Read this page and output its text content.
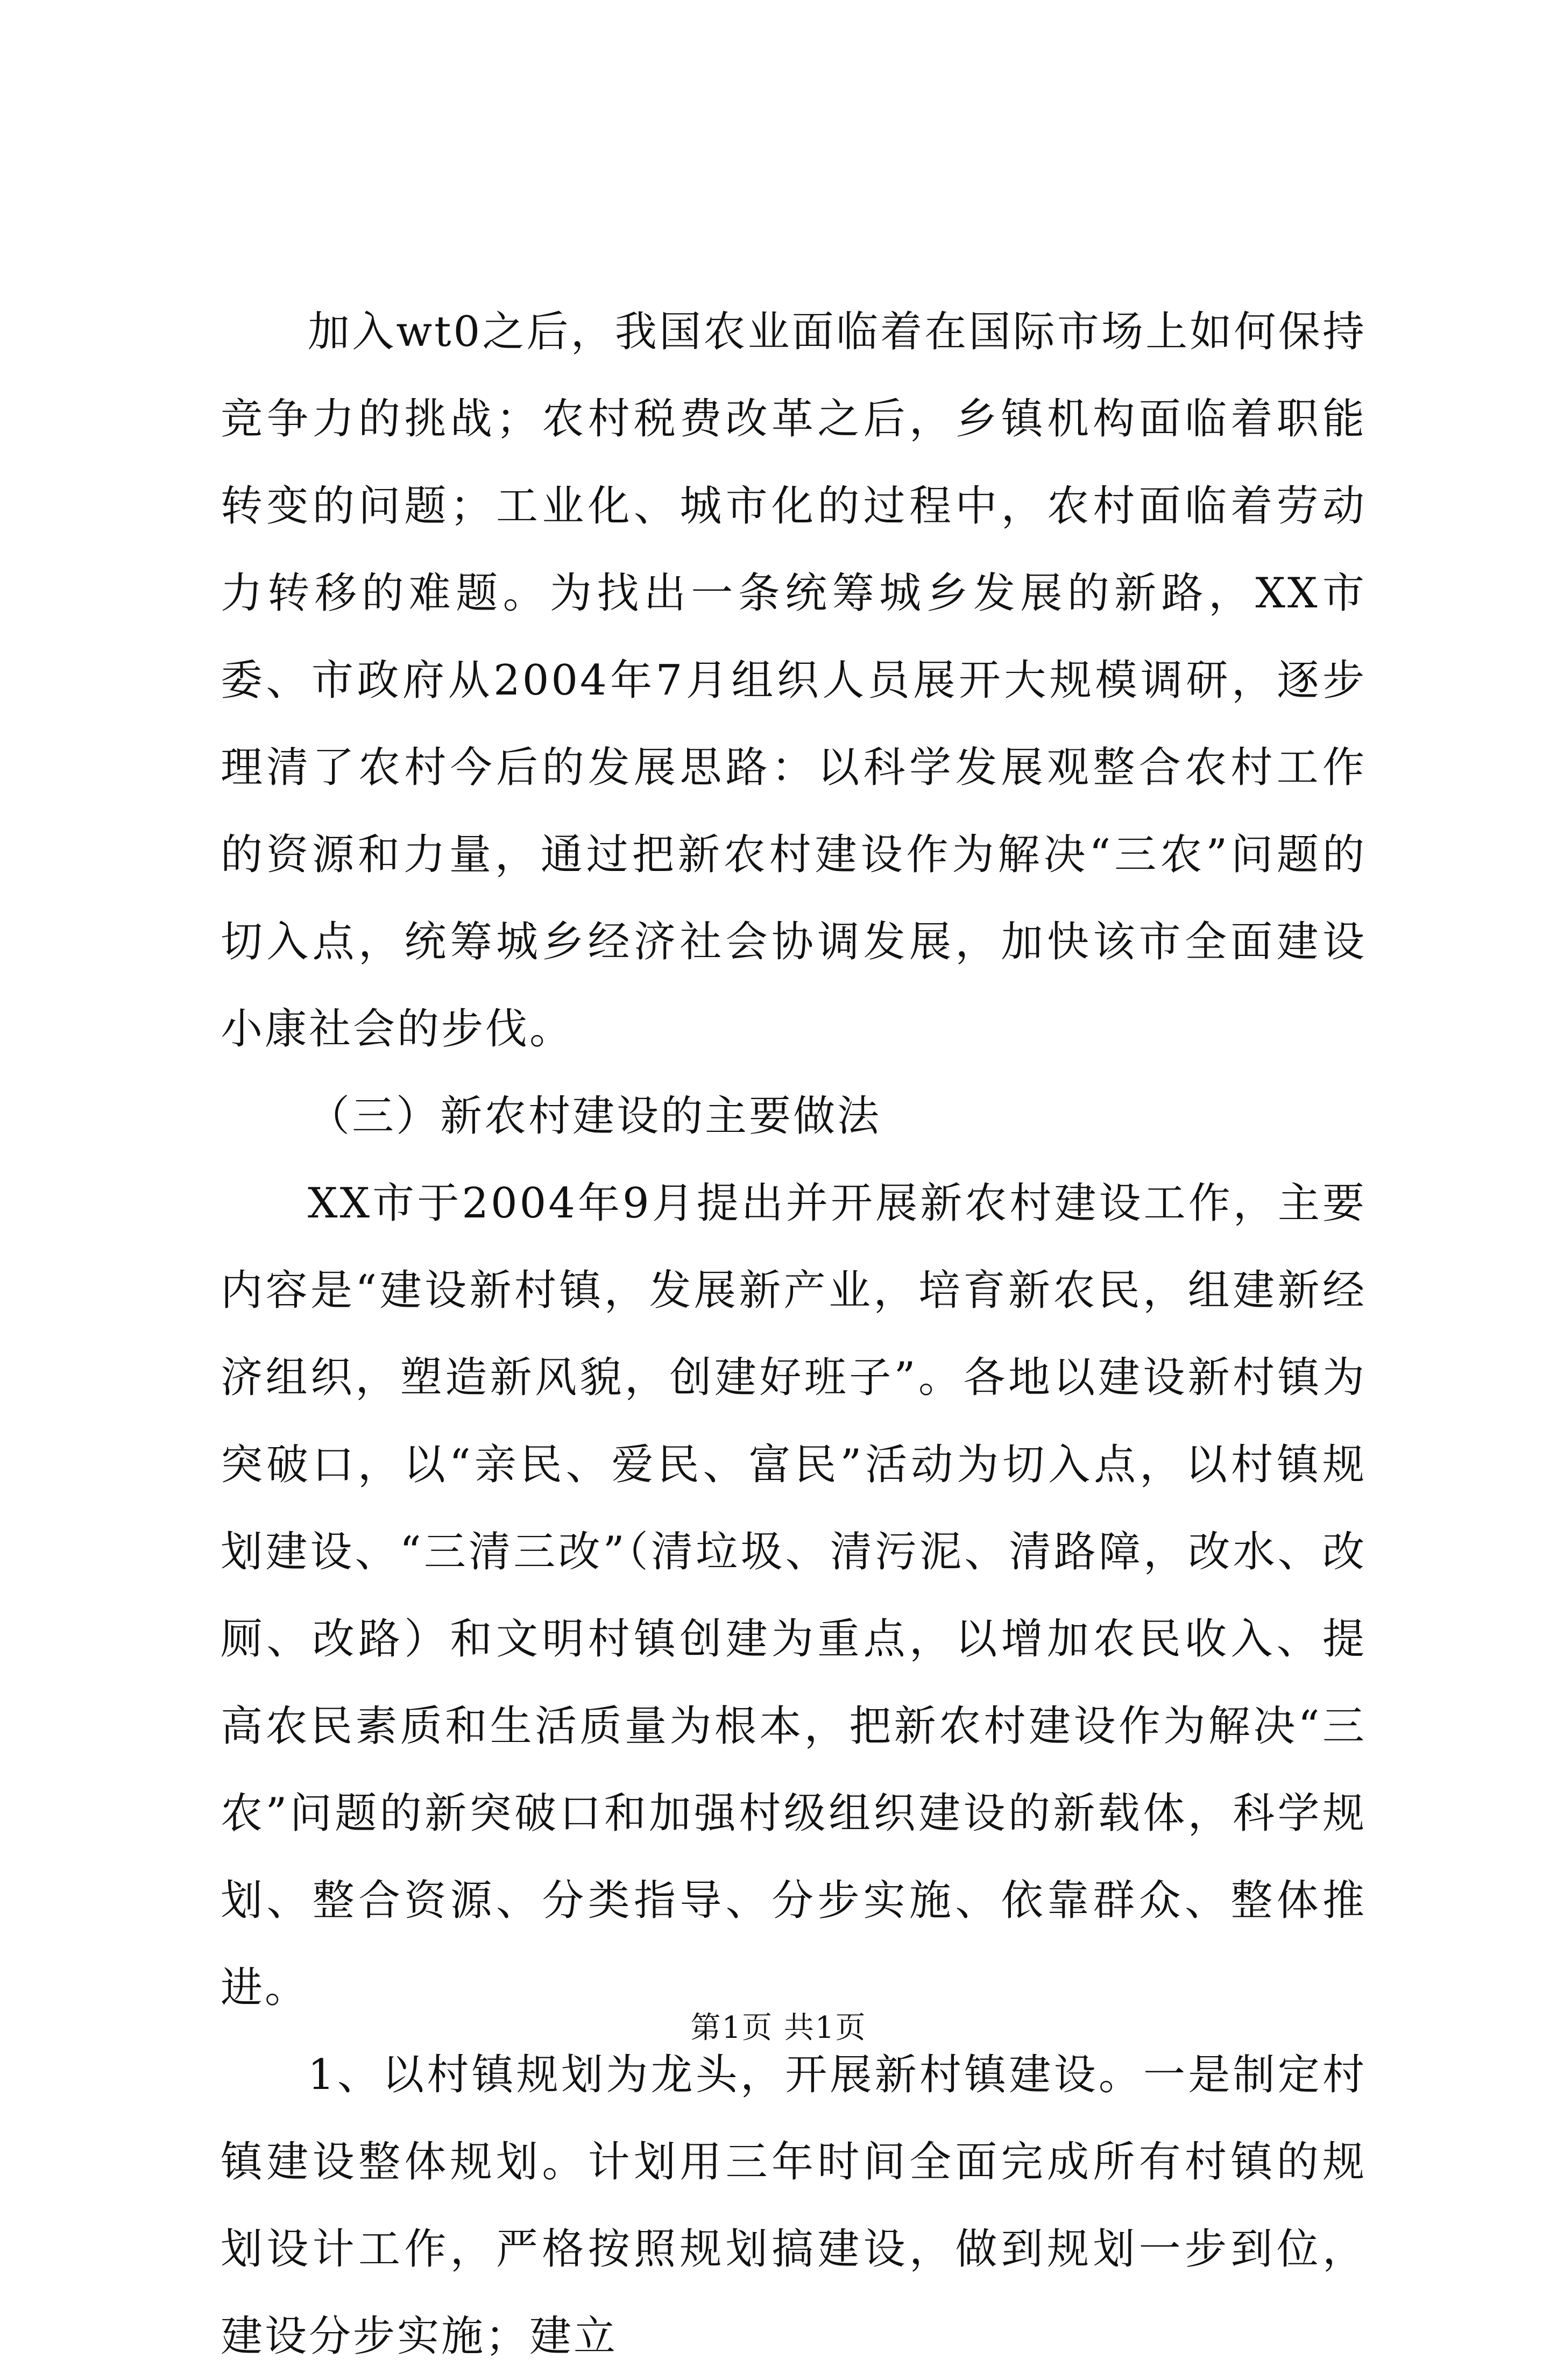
加入wt0之后，我国农业面临着在国际市场上如何保持竞争力的挑战；农村税费改革之后，乡镇机构面临着职能转变的问题；工业化、城市化的过程中，农村面临着劳动力转移的难题。为找出一条统筹城乡发展的新路，XX市委、市政府从2004年7月组织人员展开大规模调研，逐步理清了农村今后的发展思路：以科学发展观整合农村工作的资源和力量，通过把新农村建设作为解决“三农”问题的切入点，统筹城乡经济社会协调发展，加快该市全面建设小康社会的步伐。

（三）新农村建设的主要做法

XX市于2004年9月提出并开展新农村建设工作，主要内容是“建设新村镇，发展新产业，培育新农民，组建新经济组织，塑造新风貌，创建好班子”。各地以建设新村镇为突破口，以“亲民、爱民、富民”活动为切入点，以村镇规划建设、“三清三改”（清垃圾、清污泥、清路障，改水、改厕、改路）和文明村镇创建为重点，以增加农民收入、提高农民素质和生活质量为根本，把新农村建设作为解决“三农”问题的新突破口和加强村级组织建设的新载体，科学规划、整合资源、分类指导、分步实施、依靠群众、整体推进。

1、以村镇规划为龙头，开展新村镇建设。一是制定村镇建设整体规划。计划用三年时间全面完成所有村镇的规划设计工作，严格按照规划搞建设，做到规划一步到位，建设分步实施；建立

第1页 共1页
